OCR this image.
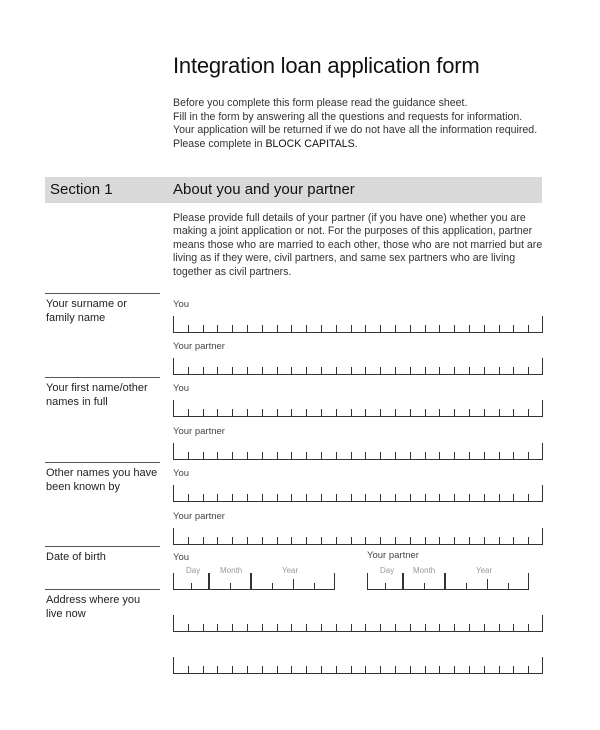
Integration loan application form
Before you complete this form please read the guidance sheet.
Fill in the form by answering all the questions and requests for information.
Your application will be returned if we do not have all the information required.
Please complete in BLOCK CAPITALS.
Section 1	About you and your partner
Please provide full details of your partner (if you have one) whether you are making a joint application or not. For the purposes of this application, partner means those who are married to each other, those who are not married but are living as if they were, civil partners, and same sex partners who are living together as civil partners.
Your surname or
family name
You
Your partner
Your first name/other
names in full
You
Your partner
Other names you have
been known by
You
Your partner
Date of birth	You	Your partner
Day Month	Year	Day Month	Year
Address where you
live now
